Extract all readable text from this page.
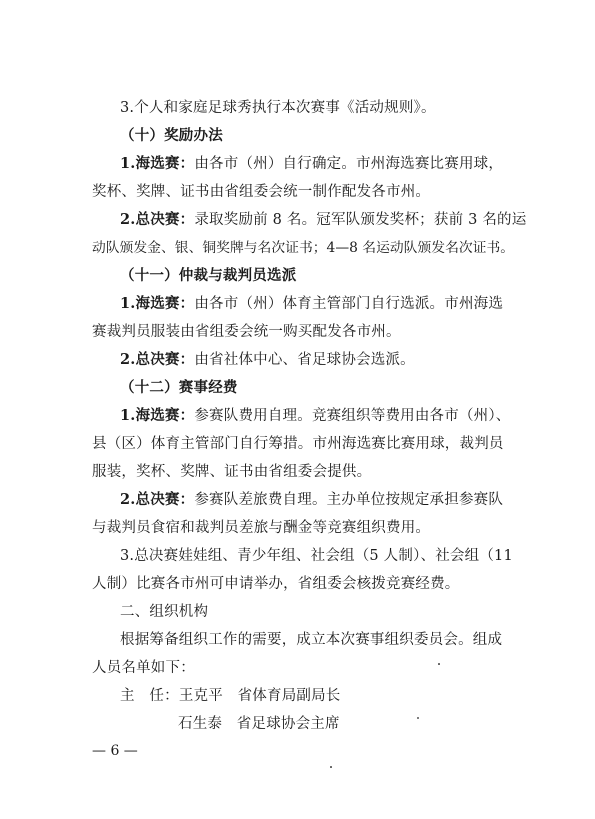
3.个人和家庭足球秀执行本次赛事《活动规则》。
（十）奖励办法
1.海选赛：由各市（州）自行确定。市州海选赛比赛用球，
奖杯、奖牌、证书由省组委会统一制作配发各市州。
2.总决赛：录取奖励前 8 名。冠军队颁发奖杯；获前 3 名的运
动队颁发金、银、铜奖牌与名次证书；4—8 名运动队颁发名次证书。
（十一）仲裁与裁判员选派
1.海选赛：由各市（州）体育主管部门自行选派。市州海选
赛裁判员服装由省组委会统一购买配发各市州。
2.总决赛：由省社体中心、省足球协会选派。
（十二）赛事经费
1.海选赛：参赛队费用自理。竞赛组织等费用由各市（州）、
县（区）体育主管部门自行筹措。市州海选赛比赛用球，裁判员
服装，奖杯、奖牌、证书由省组委会提供。
2.总决赛：参赛队差旅费自理。主办单位按规定承担参赛队
与裁判员食宿和裁判员差旅与酬金等竞赛组织费用。
3.总决赛娃娃组、青少年组、社会组（5 人制）、社会组（11
人制）比赛各市州可申请举办，省组委会核拨竞赛经费。
二、组织机构
根据筹备组织工作的需要，成立本次赛事组织委员会。组成
人员名单如下：
主　任：王克平　省体育局副局长
石生泰　省足球协会主席
— 6 —
